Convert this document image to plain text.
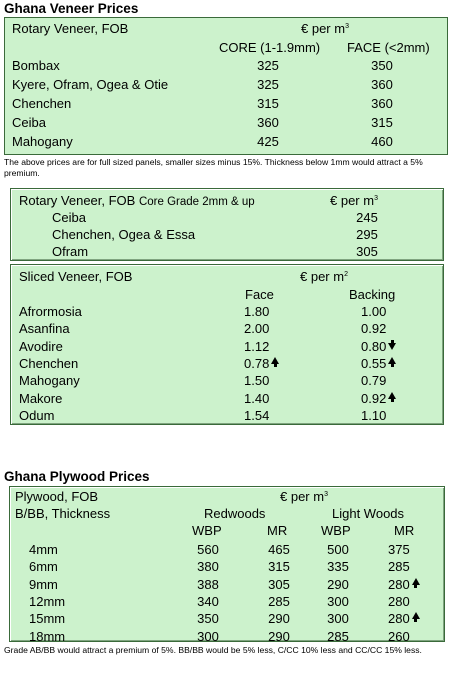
Ghana Veneer Prices
Rotary Veneer, FOB	€ per $m^3$
CORE (1-1.9mm) FACE (<2mm)
Bombax	325	350
Kyere, Ofram, Ogea & Otie	325	360
Chenchen	315	360
Ceiba	360	315
Mahogany	425	460
The above prices are for full sized panels, smaller sizes minus 15%. Thickness below 1mm would attract a 5% premium.
Rotary Veneer, FOB Core Grade 2mm & up	€ per $m^3$
Ceiba	245
Chenchen, Ogea & Essa	295
Ofram	305
Sliced Veneer, FOB	€ per $m^2$
Face	Backing
Afrormosia	1.80	1.00
Asanfina	2.00	0.92
Avodire	1.12	0.80
Chenchen	0.78	0.55
Mahogany	1.50	0.79
Makore	1.40	0.92
Odum	1.54	1.10
Ghana Plywood Prices
Plywood, FOB
B/BB, Thickness
€ per $m^3$
Redwoods	Light Woods
WBP	MR	WBP	MR
4mm	560	465	500	375
6mm	380	315	335	285
9mm	388	305	290	280
12mm	340	285	300	280
15mm	350	290	300	280
18mm	300	290	285	260
Grade AB/BB would attract a premium of 5%. BB/BB would be 5% less, C/CC 10% less and CC/CC 15% less.
